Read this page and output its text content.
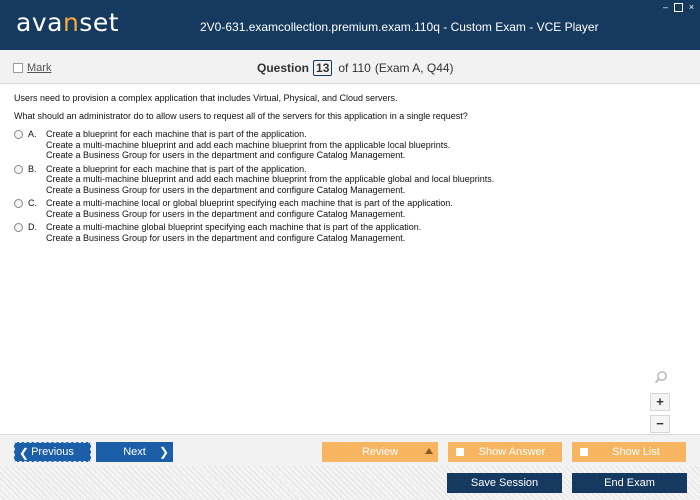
avanset	2V0-631.examcollection.premium.exam.110q - Custom Exam - VCE Player
– ×
Mark	Question 13 of 110 (Exam A, Q44)

Users need to provision a complex application that includes Virtual, Physical, and Cloud servers.

What should an administrator do to allow users to request all of the servers for this application in a single request?

A.	Create a blueprint for each machine that is part of the application.
Create a multi-machine blueprint and add each machine blueprint from the applicable local blueprints.
Create a Business Group for users in the department and configure Catalog Management.
B.	Create a blueprint for each machine that is part of the application.
Create a multi-machine blueprint and add each machine blueprint from the applicable global and local blueprints.
Create a Business Group for users in the department and configure Catalog Management.
C.	Create a multi-machine local or global blueprint specifying each machine that is part of the application.
Create a Business Group for users in the department and configure Catalog Management.
D.	Create a multi-machine global blueprint specifying each machine that is part of the application.
Create a Business Group for users in the department and configure Catalog Management.
+
−
❮ Previous	Next ❯	Review	Show Answer	Show List
Save Session	End Exam
